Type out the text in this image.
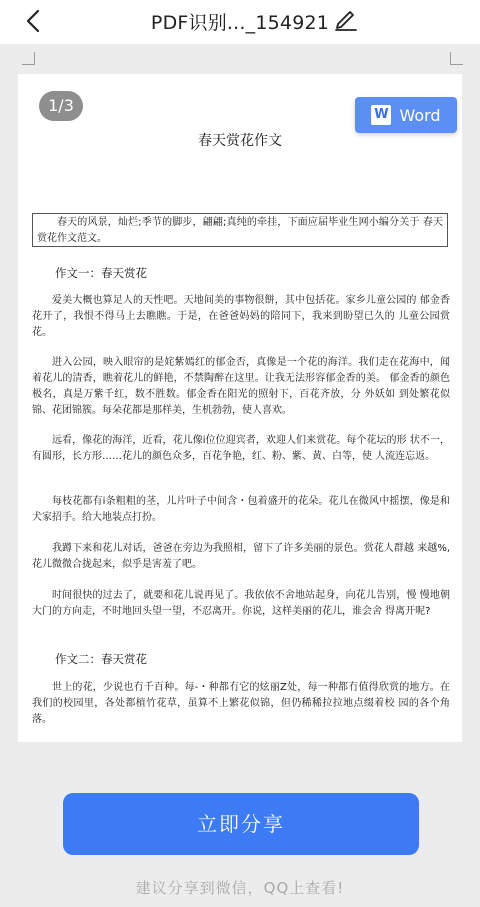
PDF识别..._154921
1/3	W Word
春天赏花作文
春天的风景，灿烂;季节的脚步，翩翩;真纯的牵挂，下面应届毕业生网小编分关于 春天赏花作文范文。
作文一：春天赏花
爱美大概也算足人的天性吧。天地间美的事物很餅，其中包括花。家乡儿童公园的 郁金香花开了，我恨不得马上去瞧瞧。于是，在爸爸妈妈的陪同下，我来到盼望已久的 儿童公园赏花。
进入公园，映入眼帘的是姹紫嫣红的郁金否，真像是一个花的海洋。我们走在花海中，闻着花儿的清香，瞧着花儿的鲜艳，不禁陶醉在这里。让我无法形容郁金香的美。 郁金香的颜色极名，真是万紫千红，数不胜数。郁金香在阳光的照射下，百花齐放，分 外妖如 到处繁花似锦、花团锦簇。每朵花都是那样美，生机勃勃，使人喜欢。
远看，像花的海洋，近看，花儿像i位位迎宾者，欢迎人们来赏花。每个花坛的形 状不一，有圆形，长方形……花儿的颜色众多，百花争艳，红、粉、紫、黄、白等，使 人流连忘返。
每枝花都有i条粗粗的茎，儿片叶子中间含・包着盛开的花朵。花儿在微风中摇摆，像是和犬家招手。给大地装点打扮。
我蹲下来和花儿对话，爸爸在旁边为我照相，留下了许多美丽的景色。赏花人群越 来越%,花儿微微合拢起来，似乎是害羞了吧。
时间很快的过去了，就要和花儿说再见了。我依依不舍地站起身，向花儿告别，慢 慢地朝大门的方向走，不时地回头望一望，不忍离开。你说，这样美丽的花儿，谁会舍 得离开呢?
作文二：春天赏花
世上的花，少说也冇千百种。每-・种都冇它的炫丽Z处，每一种都冇值得欣赏的地方。在我们的校园里，各处都植竹花草，虽算不上繁花似锦，但仍稀稀拉拉地点缀着校 园的各个角落。
立即分享
建议分享到微信，QQ上查看!
